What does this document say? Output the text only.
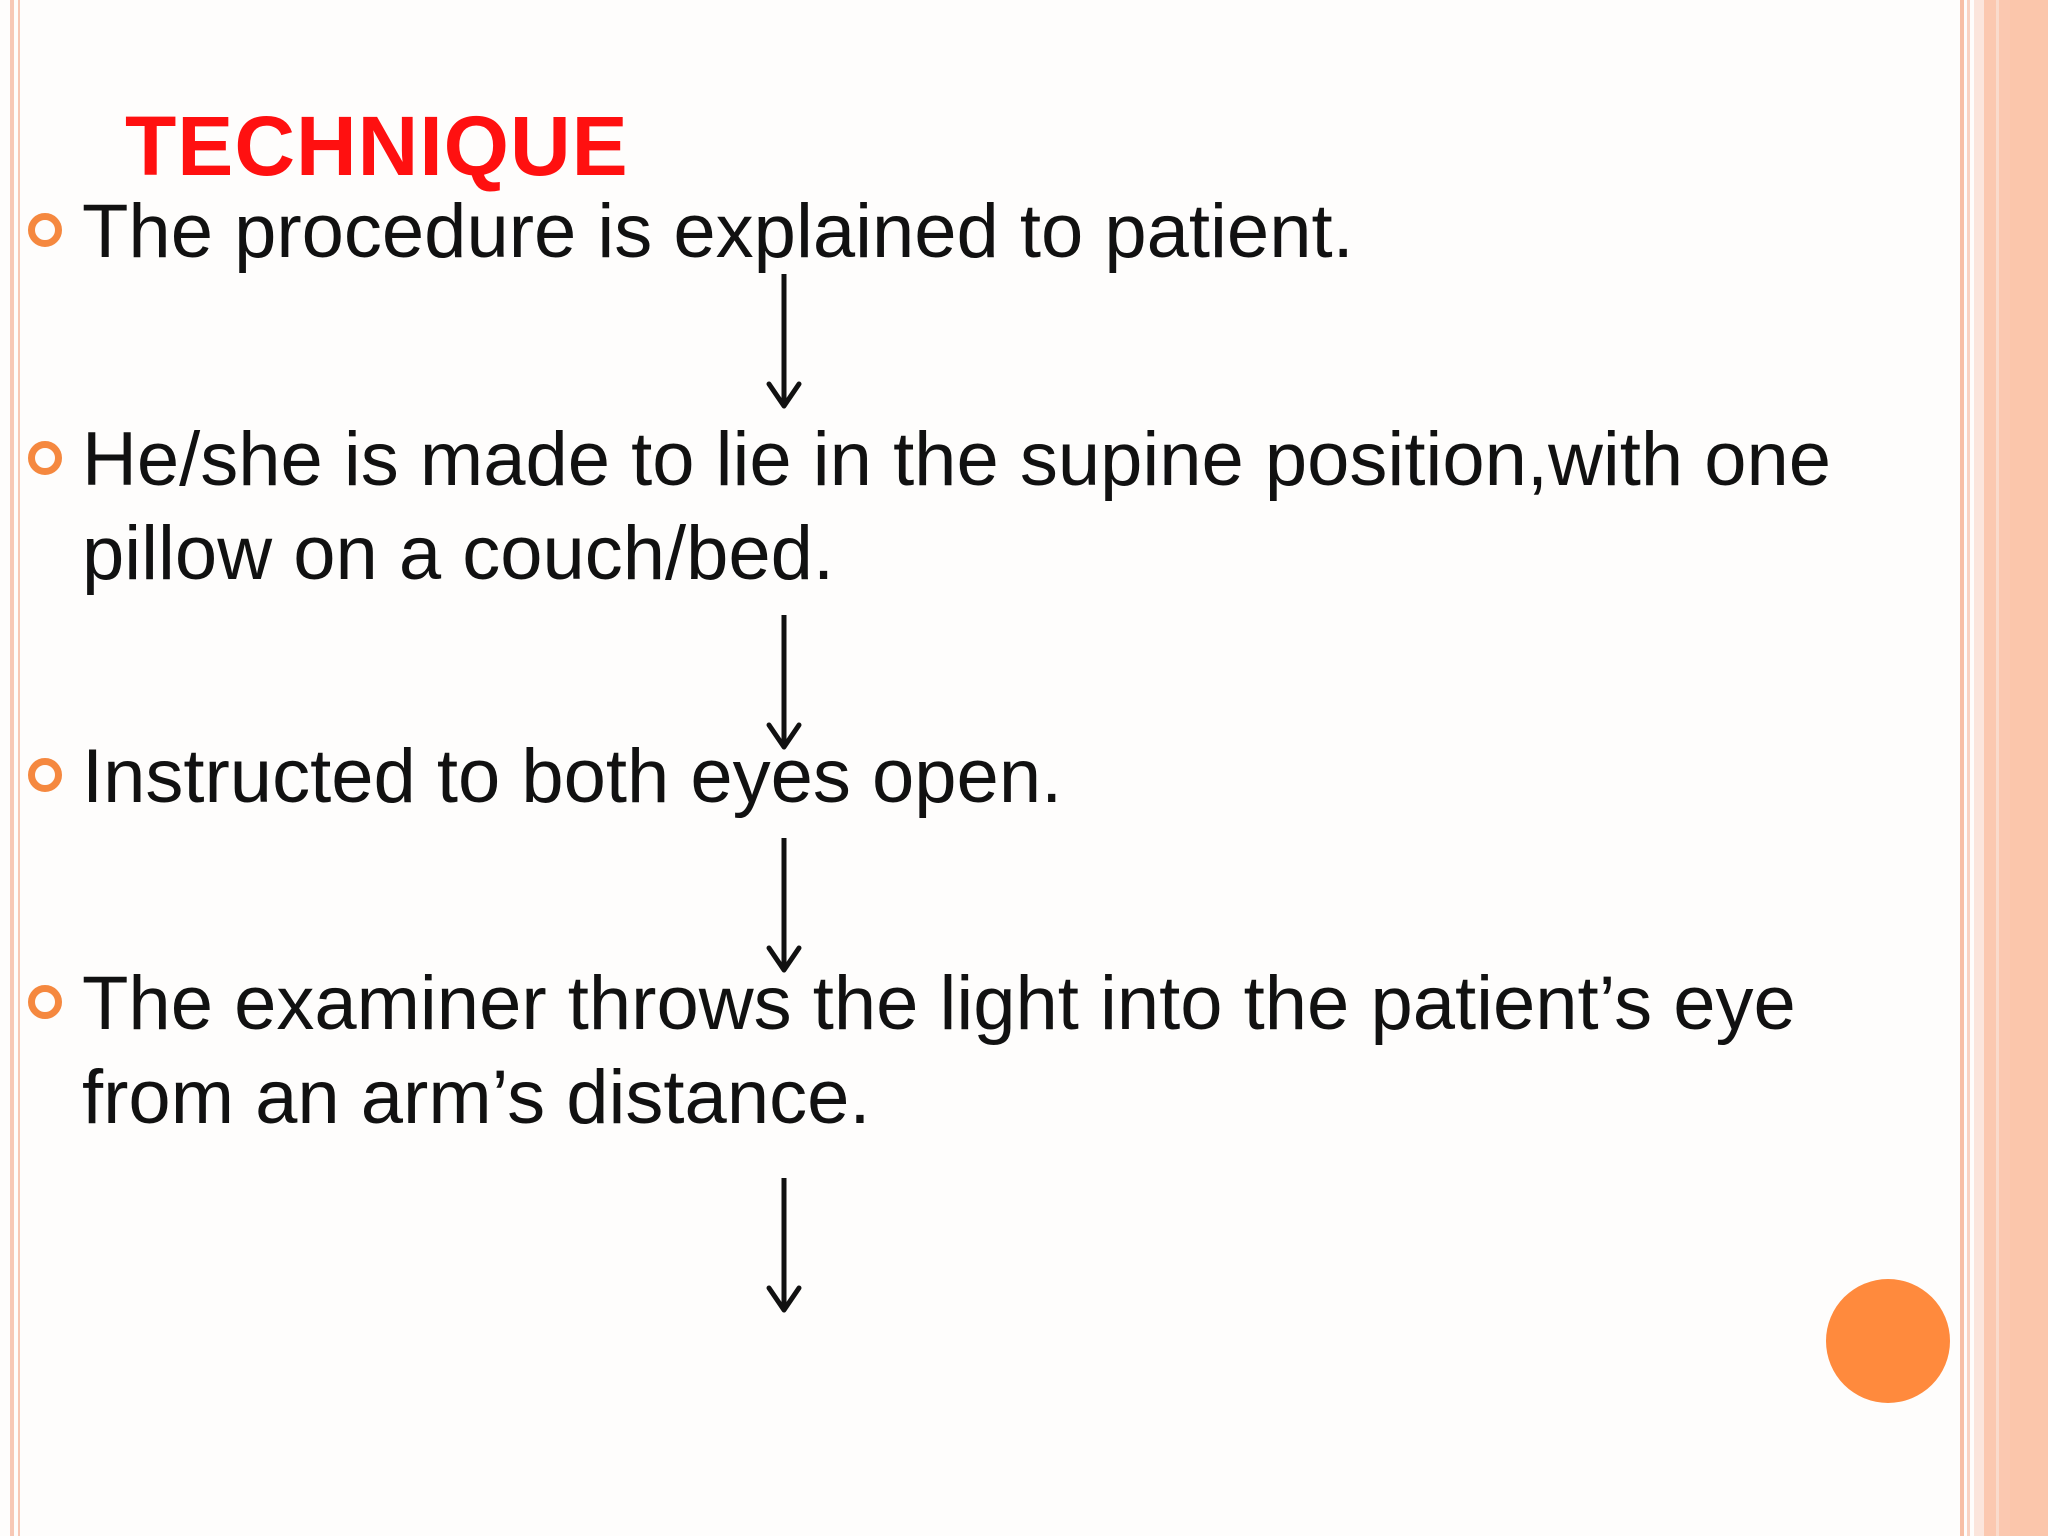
TECHNIQUE
The procedure is explained to patient.
He/she is made to lie in the supine position,with one pillow on a couch/bed.
Instructed to both eyes open.
The examiner throws the light into the patient’s eye from an arm’s distance.
